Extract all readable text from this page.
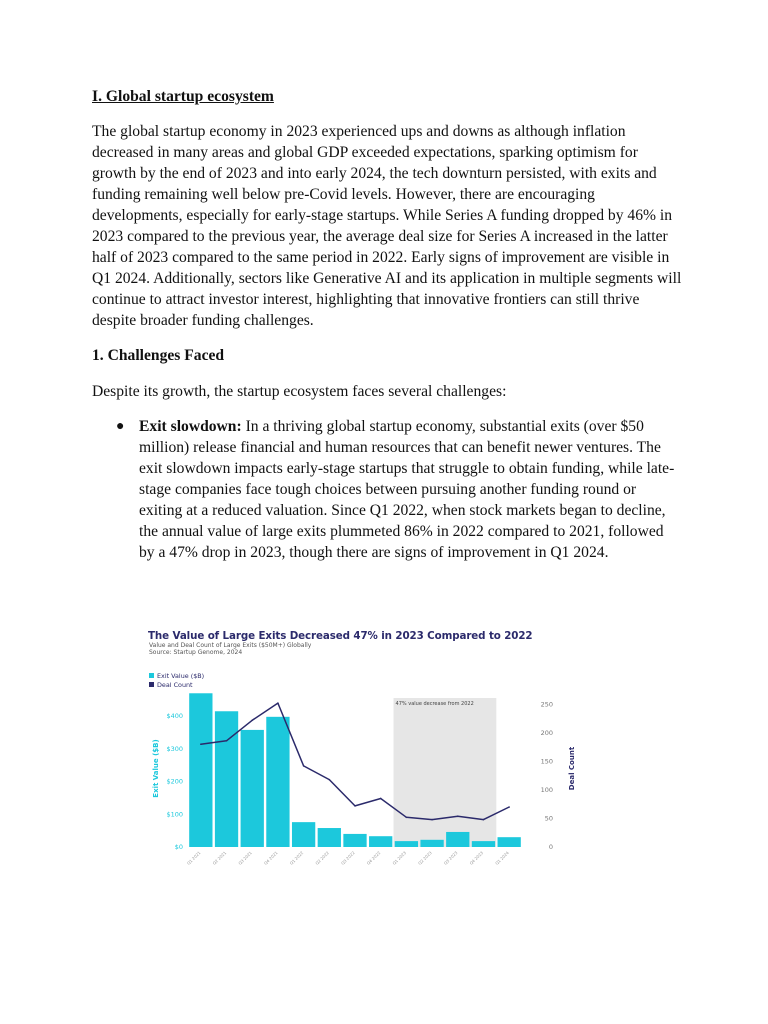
I. Global startup ecosystem

The global startup economy in 2023 experienced ups and downs as although inflation decreased in many areas and global GDP exceeded expectations, sparking optimism for growth by the end of 2023 and into early 2024, the tech downturn persisted, with exits and funding remaining well below pre-Covid levels. However, there are encouraging developments, especially for early-stage startups. While Series A funding dropped by 46% in 2023 compared to the previous year, the average deal size for Series A increased in the latter half of 2023 compared to the same period in 2022. Early signs of improvement are visible in Q1 2024. Additionally, sectors like Generative AI and its application in multiple segments will continue to attract investor interest, highlighting that innovative frontiers can still thrive despite broader funding challenges.

1. Challenges Faced

Despite its growth, the startup ecosystem faces several challenges:

● Exit slowdown: In a thriving global startup economy, substantial exits (over $50 million) release financial and human resources that can benefit newer ventures. The exit slowdown impacts early-stage startups that struggle to obtain funding, while late-stage companies face tough choices between pursuing another funding round or exiting at a reduced valuation. Since Q1 2022, when stock markets began to decline, the annual value of large exits plummeted 86% in 2022 compared to 2021, followed by a 47% drop in 2023, though there are signs of improvement in Q1 2024.
The Value of Large Exits Decreased 47% in 2023 Compared to 2022
Value and Deal Count of Large Exits ($50M+) Globally
Source: Startup Genome, 2024
Exit Value ($B)
Deal Count
47% value decrease from 2022
$0
$100
$200
$300
$400
0
50
100
150
200
250
Exit Value ($B)	Deal Count
Q1 2021	Q2 2021	Q3 2021	Q4 2021	Q1 2022	Q2 2022	Q3 2022	Q4 2022	Q1 2023	Q2 2023	Q3 2023	Q4 2023	Q1 2024
